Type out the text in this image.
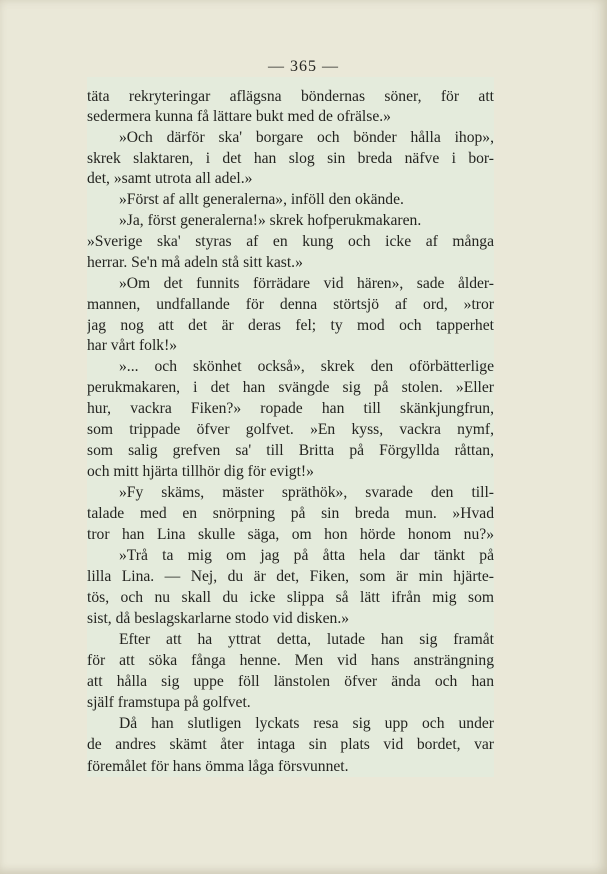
— 365 —
täta rekryteringar aflägsna böndernas söner, för att
sedermera kunna få lättare bukt med de ofrälse.»
»Och därför ska' borgare och bönder hålla ihop»,
skrek slaktaren, i det han slog sin breda näfve i bor-
det, »samt utrota all adel.»
»Först af allt generalerna», inföll den okände.
»Ja, först generalerna!» skrek hofperukmakaren.
»Sverige ska' styras af en kung och icke af många
herrar. Se'n må adeln stå sitt kast.»
»Om det funnits förrädare vid hären», sade ålder-
mannen, undfallande för denna störtsjö af ord, »tror
jag nog att det är deras fel; ty mod och tapperhet
har vårt folk!»
»... och skönhet också», skrek den oförbätterlige
perukmakaren, i det han svängde sig på stolen. »Eller
hur, vackra Fiken?» ropade han till skänkjungfrun,
som trippade öfver golfvet. »En kyss, vackra nymf,
som salig grefven sa' till Britta på Förgyllda råttan,
och mitt hjärta tillhör dig för evigt!»
»Fy skäms, mäster spräthök», svarade den till-
talade med en snörpning på sin breda mun. »Hvad
tror han Lina skulle säga, om hon hörde honom nu?»
»Trå ta mig om jag på åtta hela dar tänkt på
lilla Lina. — Nej, du är det, Fiken, som är min hjärte-
tös, och nu skall du icke slippa så lätt ifrån mig som
sist, då beslagskarlarne stodo vid disken.»
Efter att ha yttrat detta, lutade han sig framåt
för att söka fånga henne. Men vid hans ansträngning
att hålla sig uppe föll länstolen öfver ända och han
själf framstupa på golfvet.
Då han slutligen lyckats resa sig upp och under
de andres skämt åter intaga sin plats vid bordet, var
föremålet för hans ömma låga försvunnet.
